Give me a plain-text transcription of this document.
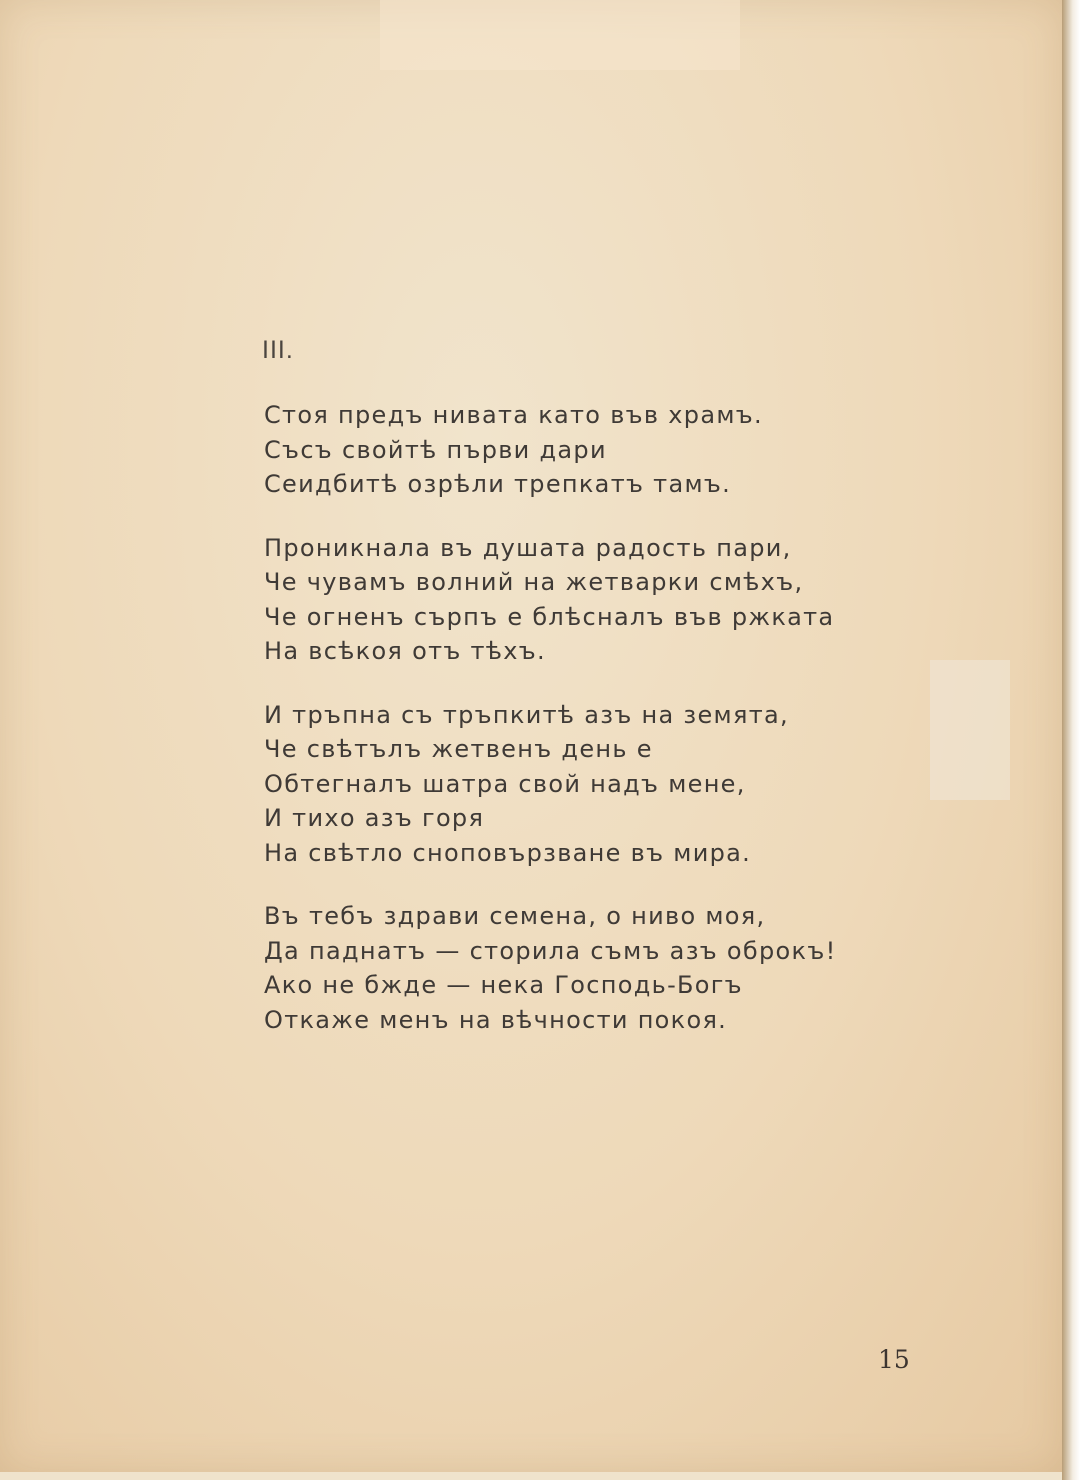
III.
Стоя предъ нивата като във храмъ.
Съсъ свойтѣ първи дари
Сеидбитѣ озрѣли трепкатъ тамъ.
Проникнала въ душата радость пари,
Че чувамъ волний на жетварки смѣхъ,
Че огненъ сърпъ е блѣсналъ във ржката
На всѣкоя отъ тѣхъ.
И тръпна съ тръпкитѣ азъ на земята,
Че свѣтълъ жетвенъ день е
Обтегналъ шатра свой надъ мене,
И тихо азъ горя
На свѣтло сноповързване въ мира.
Въ тебъ здрави семена, о ниво моя,
Да паднатъ — сторила съмъ азъ оброкъ!
Ако не бжде — нека Господь-Богъ
Откаже менъ на вѣчности покоя.
15
